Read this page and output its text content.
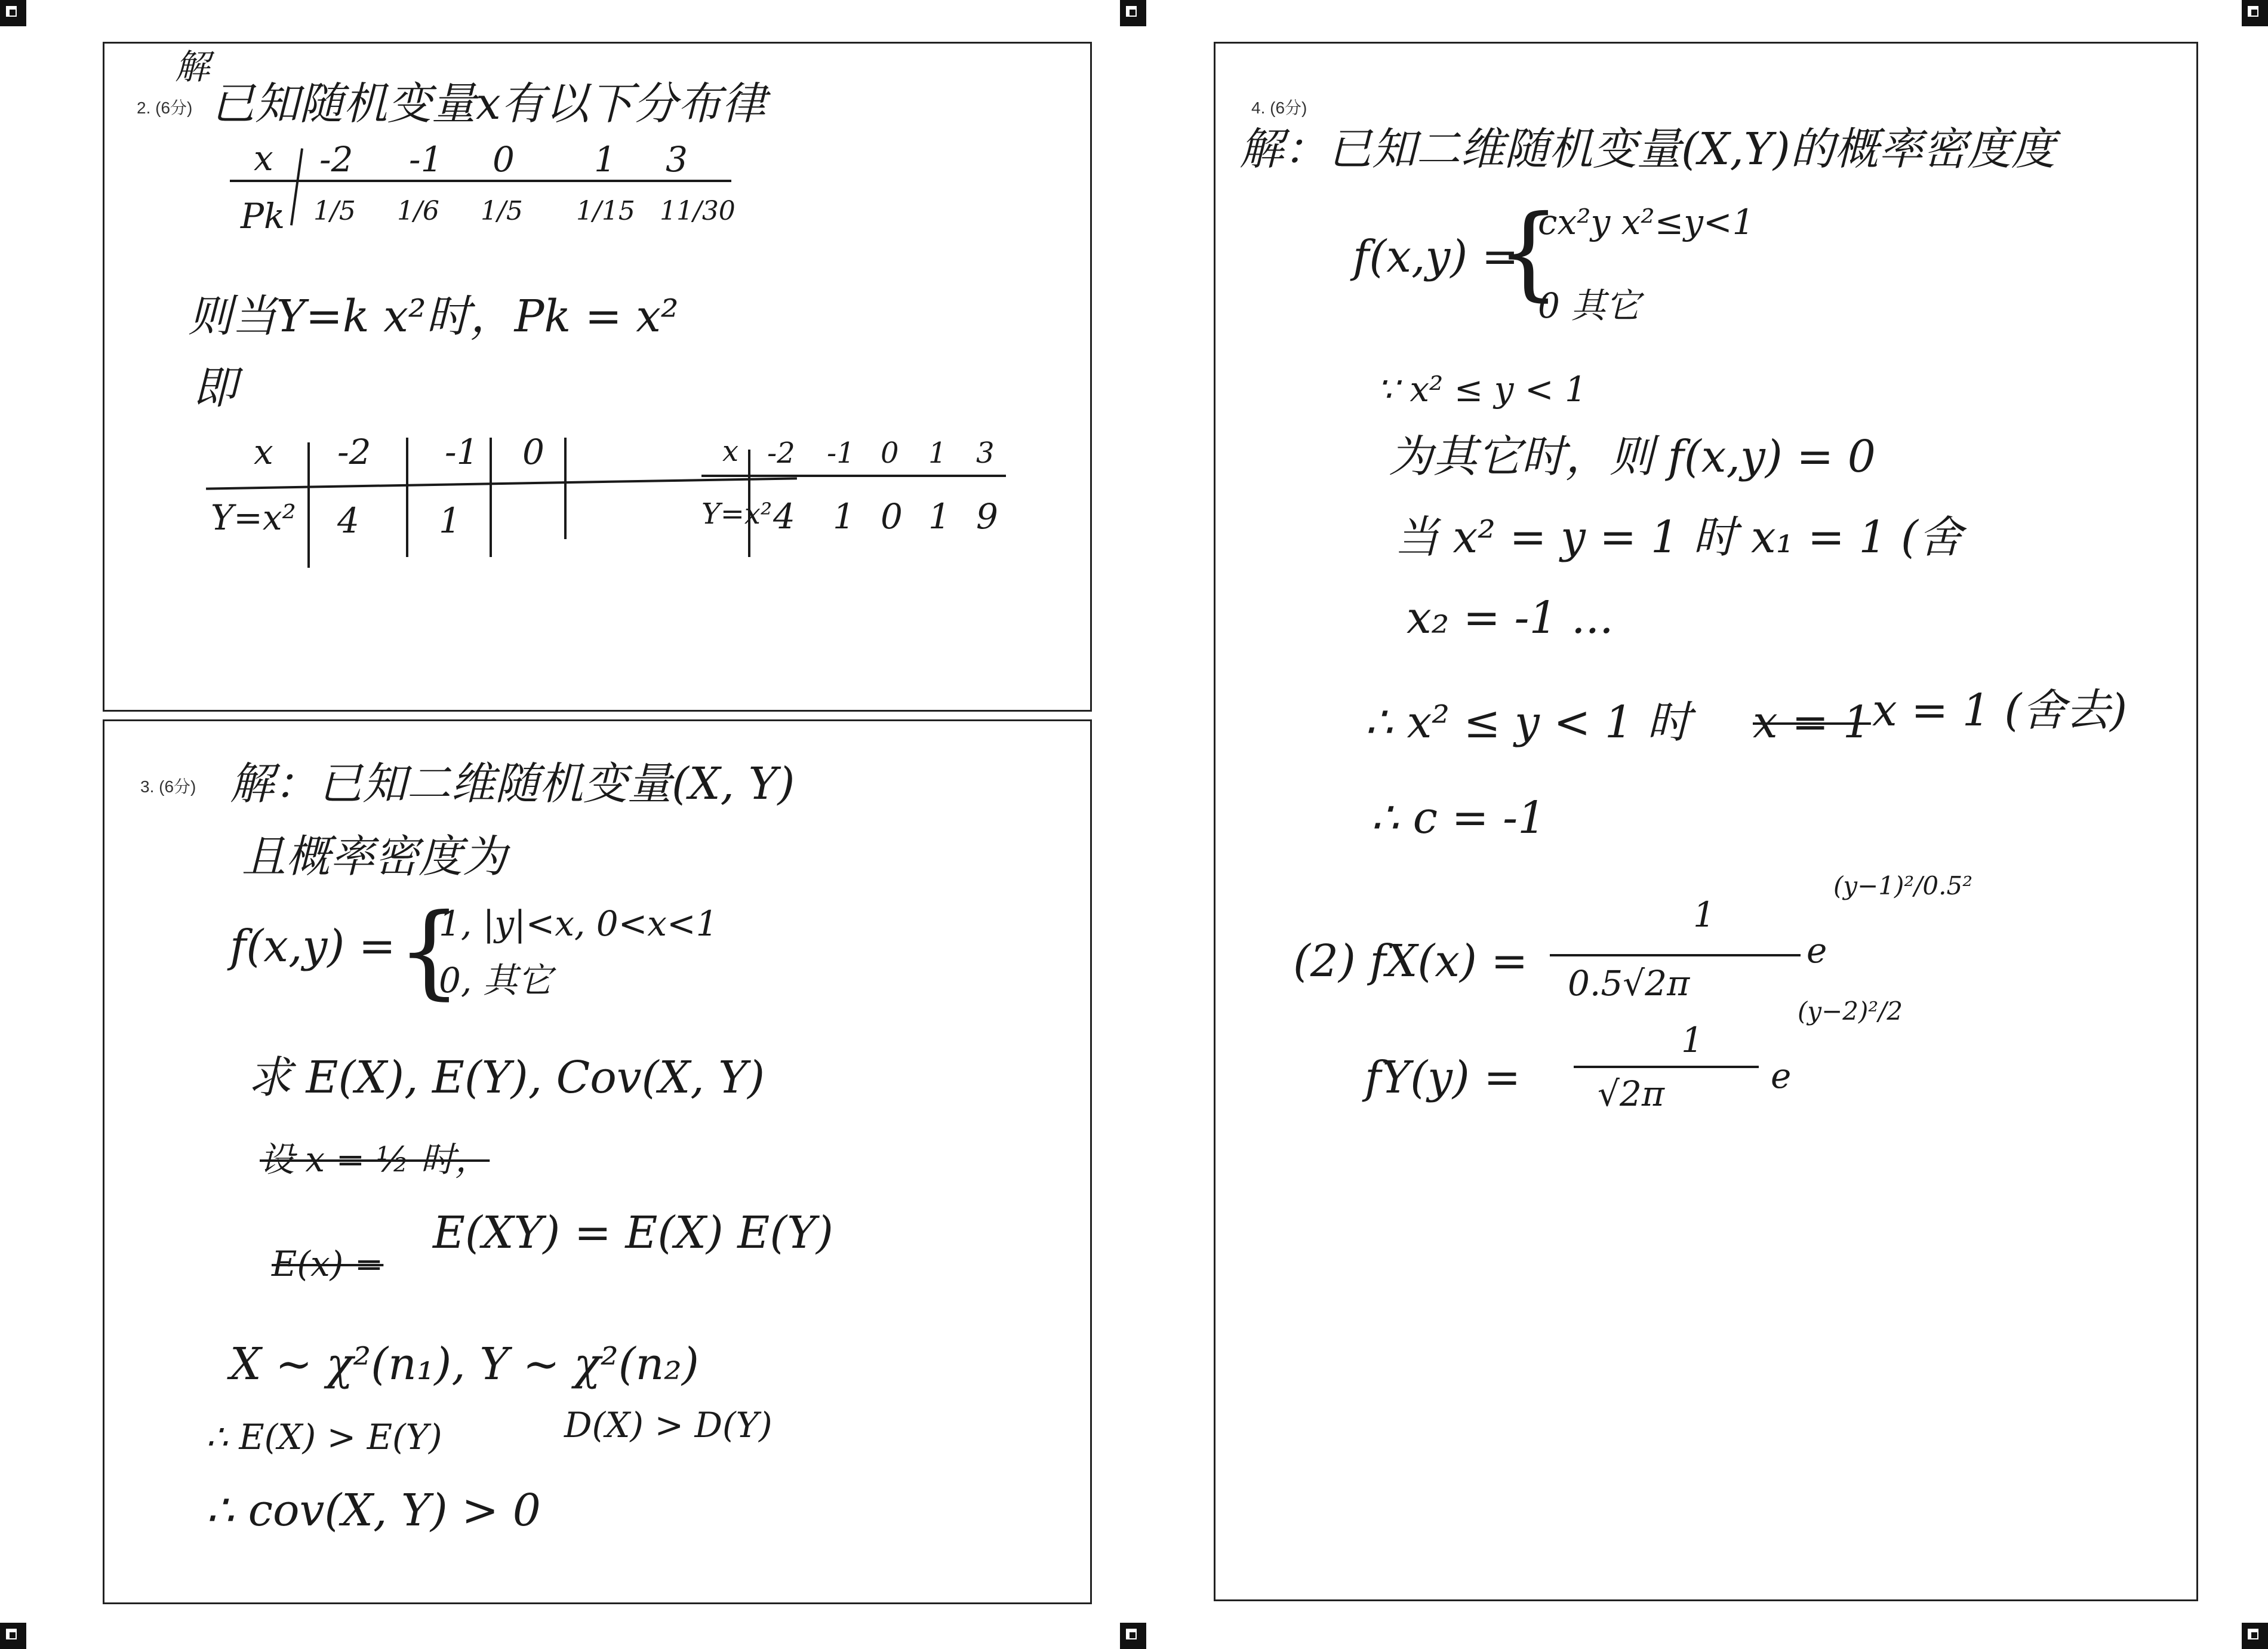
2. (6分)
解
已知随机变量x有以下分布律
x -2 -1 0 1 3
Pk 1/5 1/6 1/5 1/15 11/30
则当Y=k x²时，Pk = x²
即
x -2 -1 0
Y=x² 4 1
x -2 -1 0 1 3
Y=x² 4 1 0 1 9
3. (6分) 解：已知二维随机变量(X, Y)
且概率密度为
f(x,y) = {
1, |y|<x, 0<x<1
0, 其它
求 E(X), E(Y), Cov(X, Y)
设 x = ½ 时，
E(x) =
E(XY) = E(X) E(Y)
X ~ χ²(n₁), Y ~ χ²(n₂)
∴ E(X) > E(Y)	D(X) > D(Y)
∴ cov(X, Y) > 0
4. (6分)
解：已知二维随机变量(X,Y)的概率密度度
f(x,y) =
{
cx²y x²≤y<1
0 其它
∵ x² ≤ y < 1
为其它时，则 f(x,y) = 0
当 x² = y = 1 时 x₁ = 1 (舍
x₂ = -1 ...
∴ x² ≤ y < 1 时 x = 1 x = 1 (舍去)
∴ c = -1
(2) fX(x) =
1
0.5√2π
e
(y−1)²/0.5²
fY(y) =
1
√2π	e
(y−2)²/2
